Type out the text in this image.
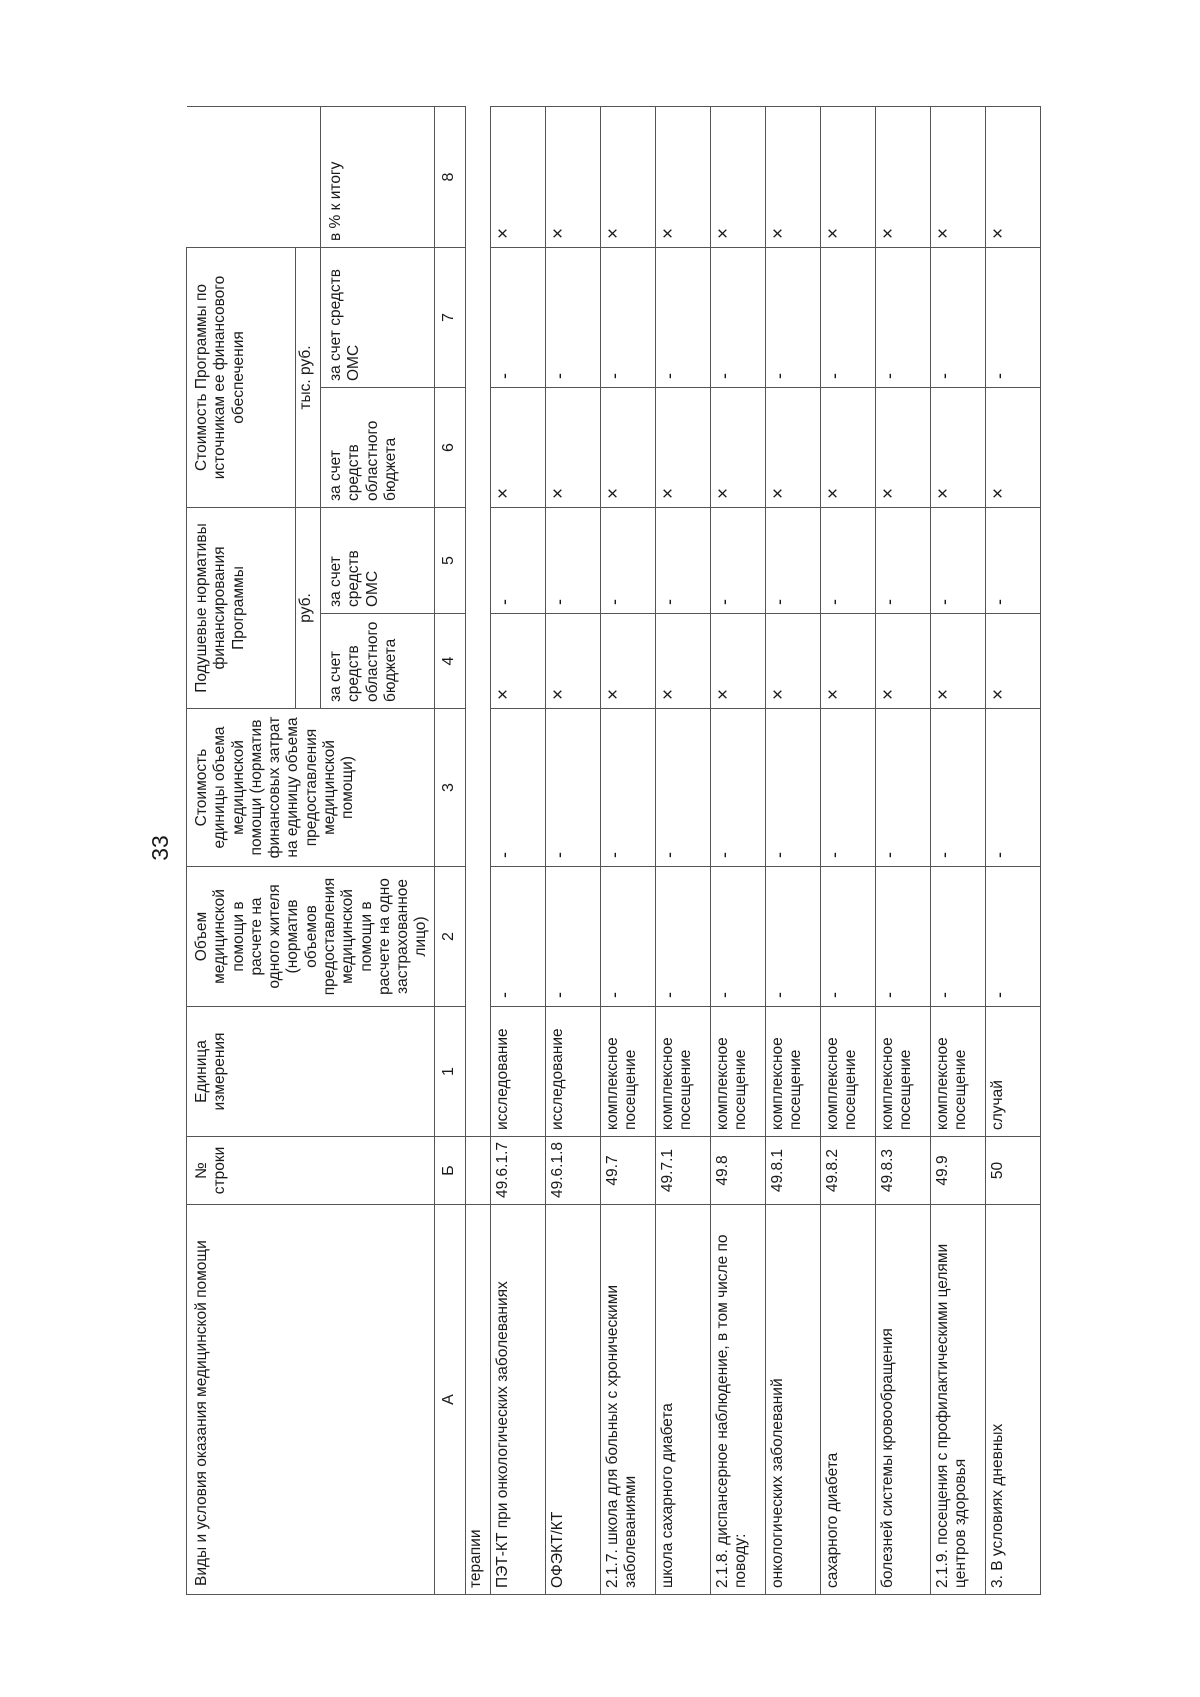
33
Виды и условия оказания медицинской помощи	№ строки	Единица измерения	Объем медицинской помощи в расчете на одного жителя (норматив объемов предоставления медицинской помощи в расчете на одно застрахованное лицо)	Стоимость единицы объема медицинской помощи (норматив финансовых затрат на единицу объема предоставления медицинской помощи)	Подушевые нормативы финансирования Программы		Стоимость Программы по источникам ее финансового обеспечения		
					руб.		тыс. руб.		
					за счет средств областного бюджета	за счет средств ОМС	за счет средств областного бюджета	за счет средств ОМС	в % к итогу
А	Б	1	2	3	4	5	6	7	8
терапии									
ПЭТ-КТ при онкологических заболеваниях	49.6.1.7	исследование	-	-	×	-	×	-	×
ОФЭКТ/КТ	49.6.1.8	исследование	-	-	×	-	×	-	×
2.1.7. школа для больных с хроническими заболеваниями	49.7	комплексное посещение	-	-	×	-	×	-	×
школа сахарного диабета	49.7.1	комплексное посещение	-	-	×	-	×	-	×
2.1.8. диспансерное наблюдение, в том числе по поводу:	49.8	комплексное посещение	-	-	×	-	×	-	×
онкологических заболеваний	49.8.1	комплексное посещение	-	-	×	-	×	-	×
сахарного диабета	49.8.2	комплексное посещение	-	-	×	-	×	-	×
болезней системы кровообращения	49.8.3	комплексное посещение	-	-	×	-	×	-	×
2.1.9. посещения с профилактическими целями центров здоровья	49.9	комплексное посещение	-	-	×	-	×	-	×
3. В условиях дневных	50	случай	-	-	×	-	×	-	×
